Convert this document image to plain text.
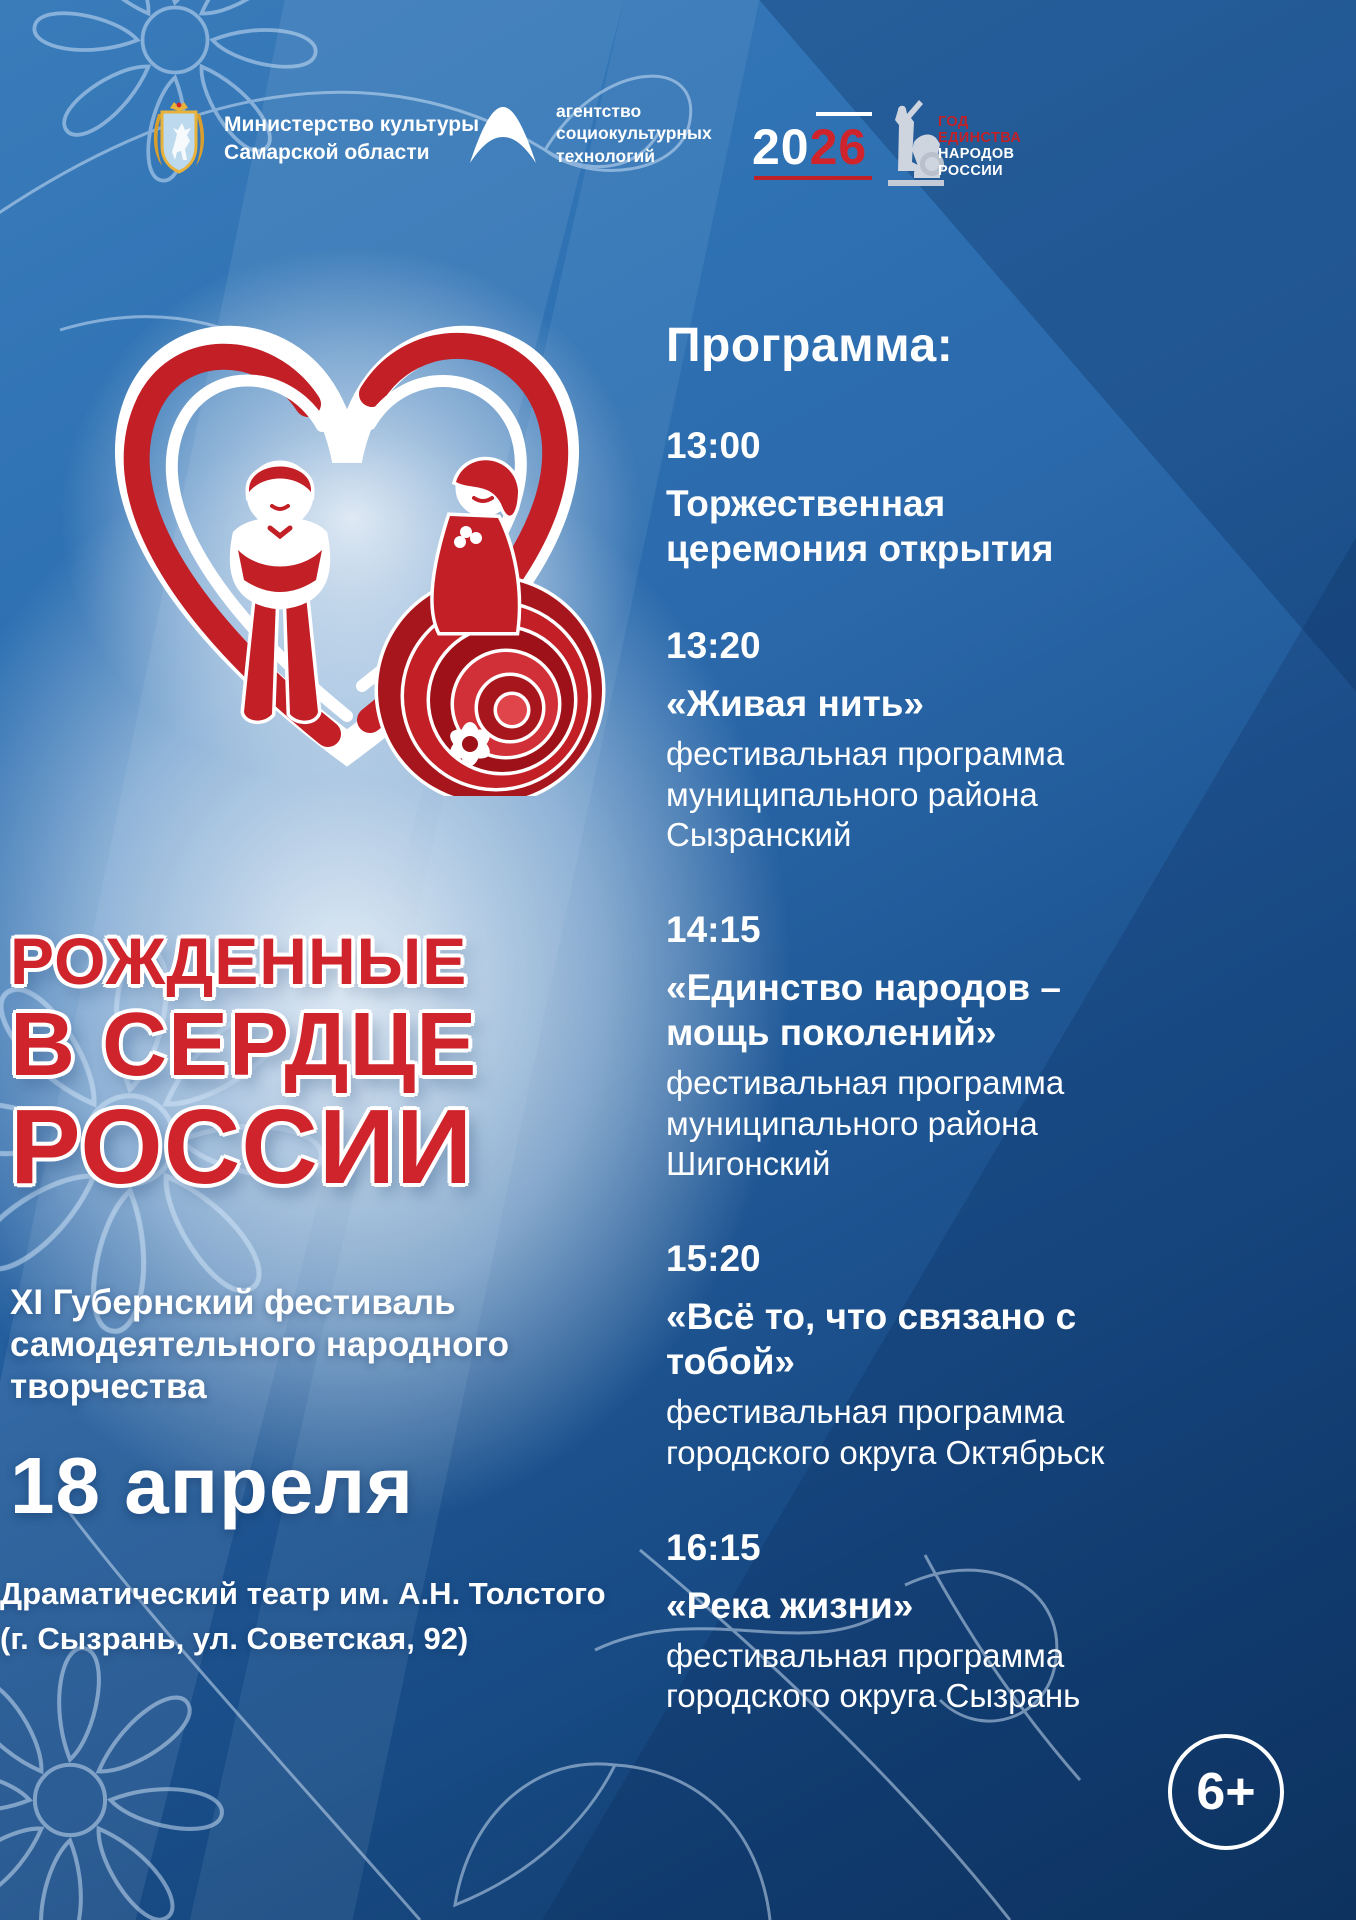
Министерство культуры
Самарской области
агентство
социокультурных
технологий	2026	ГОД
ЕДИНСТВА
НАРОДОВ
РОССИИ
РОЖДЕННЫЕ
В СЕРДЦЕ
РОССИИ
XI Губернский фестиваль
самодеятельного народного
творчества
18 апреля
Драматический театр им. А.Н. Толстого
(г. Сызрань, ул. Советская, 92)
Программа:
13:00
Торжественная церемония открытия
13:20
«Живая нить»
фестивальная программа муниципального района Сызранский
14:15
«Единство народов – мощь поколений»
фестивальная программа муниципального района Шигонский
15:20
«Всё то, что связано с тобой»
фестивальная программа городского округа Октябрьск
16:15
«Река жизни»
фестивальная программа городского округа Сызрань
6+
